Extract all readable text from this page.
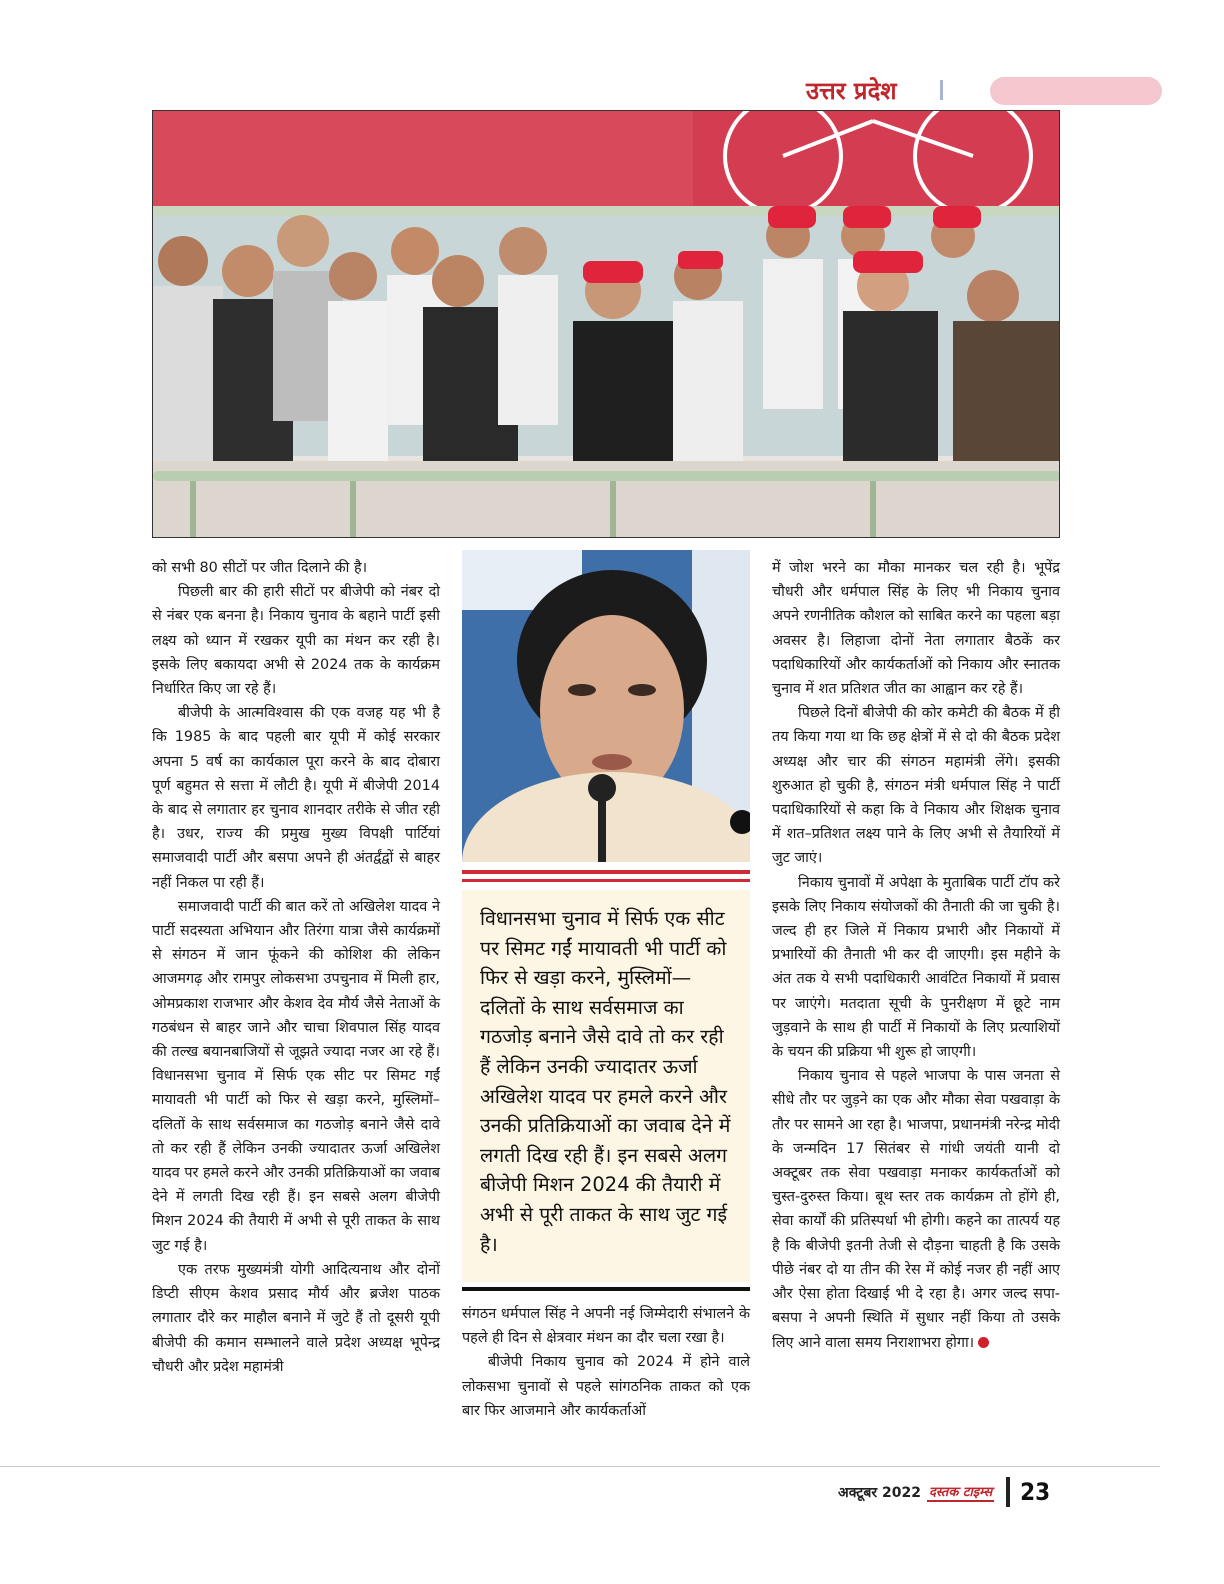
उत्तर प्रदेश

को सभी 80 सीटों पर जीत दिलाने की है।

पिछली बार की हारी सीटों पर बीजेपी को नंबर दो से नंबर एक बनना है। निकाय चुनाव के बहाने पार्टी इसी लक्ष्य को ध्यान में रखकर यूपी का मंथन कर रही है। इसके लिए बकायदा अभी से 2024 तक के कार्यक्रम निर्धारित किए जा रहे हैं।

बीजेपी के आत्मविश्वास की एक वजह यह भी है कि 1985 के बाद पहली बार यूपी में कोई सरकार अपना 5 वर्ष का कार्यकाल पूरा करने के बाद दोबारा पूर्ण बहुमत से सत्ता में लौटी है। यूपी में बीजेपी 2014 के बाद से लगातार हर चुनाव शानदार तरीके से जीत रही है। उधर, राज्य की प्रमुख मुख्य विपक्षी पार्टियां समाजवादी पार्टी और बसपा अपने ही अंतर्द्वंद्वों से बाहर नहीं निकल पा रही हैं।

समाजवादी पार्टी की बात करें तो अखिलेश यादव ने पार्टी सदस्यता अभियान और तिरंगा यात्रा जैसे कार्यक्रमों से संगठन में जान फूंकने की कोशिश की लेकिन आजमगढ़ और रामपुर लोकसभा उपचुनाव में मिली हार, ओमप्रकाश राजभार और केशव देव मौर्य जैसे नेताओं के गठबंधन से बाहर जाने और चाचा शिवपाल सिंह यादव की तल्ख बयानबाजियों से जूझते ज्यादा नजर आ रहे हैं। विधानसभा चुनाव में सिर्फ एक सीट पर सिमट गईं मायावती भी पार्टी को फिर से खड़ा करने, मुस्लिमों–दलितों के साथ सर्वसमाज का गठजोड़ बनाने जैसे दावे तो कर रही हैं लेकिन उनकी ज्यादातर ऊर्जा अखिलेश यादव पर हमले करने और उनकी प्रतिक्रियाओं का जवाब देने में लगती दिख रही हैं। इन सबसे अलग बीजेपी मिशन 2024 की तैयारी में अभी से पूरी ताकत के साथ जुट गई है।

एक तरफ मुख्यमंत्री योगी आदित्यनाथ और दोनों डिप्टी सीएम केशव प्रसाद मौर्य और ब्रजेश पाठक लगातार दौरे कर माहौल बनाने में जुटे हैं तो दूसरी यूपी बीजेपी की कमान सम्भालने वाले प्रदेश अध्यक्ष भूपेन्द्र चौधरी और प्रदेश महामंत्री

विधानसभा चुनाव में सिर्फ एक सीट पर सिमट गईं मायावती भी पार्टी को फिर से खड़ा करने, मुस्लिमों—दलितों के साथ सर्वसमाज का गठजोड़ बनाने जैसे दावे तो कर रही हैं लेकिन उनकी ज्यादातर ऊर्जा अखिलेश यादव पर हमले करने और उनकी प्रतिक्रियाओं का जवाब देने में लगती दिख रही हैं। इन सबसे अलग बीजेपी मिशन 2024 की तैयारी में अभी से पूरी ताकत के साथ जुट गई है।

संगठन धर्मपाल सिंह ने अपनी नई जिम्मेदारी संभालने के पहले ही दिन से क्षेत्रवार मंथन का दौर चला रखा है।

बीजेपी निकाय चुनाव को 2024 में होने वाले लोकसभा चुनावों से पहले सांगठनिक ताकत को एक बार फिर आजमाने और कार्यकर्ताओं

में जोश भरने का मौका मानकर चल रही है। भूपेंद्र चौधरी और धर्मपाल सिंह के लिए भी निकाय चुनाव अपने रणनीतिक कौशल को साबित करने का पहला बड़ा अवसर है। लिहाजा दोनों नेता लगातार बैठकें कर पदाधिकारियों और कार्यकर्ताओं को निकाय और स्नातक चुनाव में शत प्रतिशत जीत का आह्वान कर रहे हैं।

पिछले दिनों बीजेपी की कोर कमेटी की बैठक में ही तय किया गया था कि छह क्षेत्रों में से दो की बैठक प्रदेश अध्यक्ष और चार की संगठन महामंत्री लेंगे। इसकी शुरुआत हो चुकी है, संगठन मंत्री धर्मपाल सिंह ने पार्टी पदाधिकारियों से कहा कि वे निकाय और शिक्षक चुनाव में शत–प्रतिशत लक्ष्य पाने के लिए अभी से तैयारियों में जुट जाएं।

निकाय चुनावों में अपेक्षा के मुताबिक पार्टी टॉप करे इसके लिए निकाय संयोजकों की तैनाती की जा चुकी है। जल्द ही हर जिले में निकाय प्रभारी और निकायों में प्रभारियों की तैनाती भी कर दी जाएगी। इस महीने के अंत तक ये सभी पदाधिकारी आवंटित निकायों में प्रवास पर जाएंगे। मतदाता सूची के पुनरीक्षण में छूटे नाम जुड़वाने के साथ ही पार्टी में निकायों के लिए प्रत्याशियों के चयन की प्रक्रिया भी शुरू हो जाएगी।

निकाय चुनाव से पहले भाजपा के पास जनता से सीधे तौर पर जुड़ने का एक और मौका सेवा पखवाड़ा के तौर पर सामने आ रहा है। भाजपा, प्रधानमंत्री नरेन्द्र मोदी के जन्मदिन 17 सितंबर से गांधी जयंती यानी दो अक्टूबर तक सेवा पखवाड़ा मनाकर कार्यकर्ताओं को चुस्त-दुरुस्त किया। बूथ स्तर तक कार्यक्रम तो होंगे ही, सेवा कार्यों की प्रतिस्पर्धा भी होगी। कहने का तात्पर्य यह है कि बीजेपी इतनी तेजी से दौड़ना चाहती है कि उसके पीछे नंबर दो या तीन की रेस में कोई नजर ही नहीं आए और ऐसा होता दिखाई भी दे रहा है। अगर जल्द सपा-बसपा ने अपनी स्थिति में सुधार नहीं किया तो उसके लिए आने वाला समय निराशाभरा होगा।

अक्टूबर 2022 दस्तक टाइम्स 23
